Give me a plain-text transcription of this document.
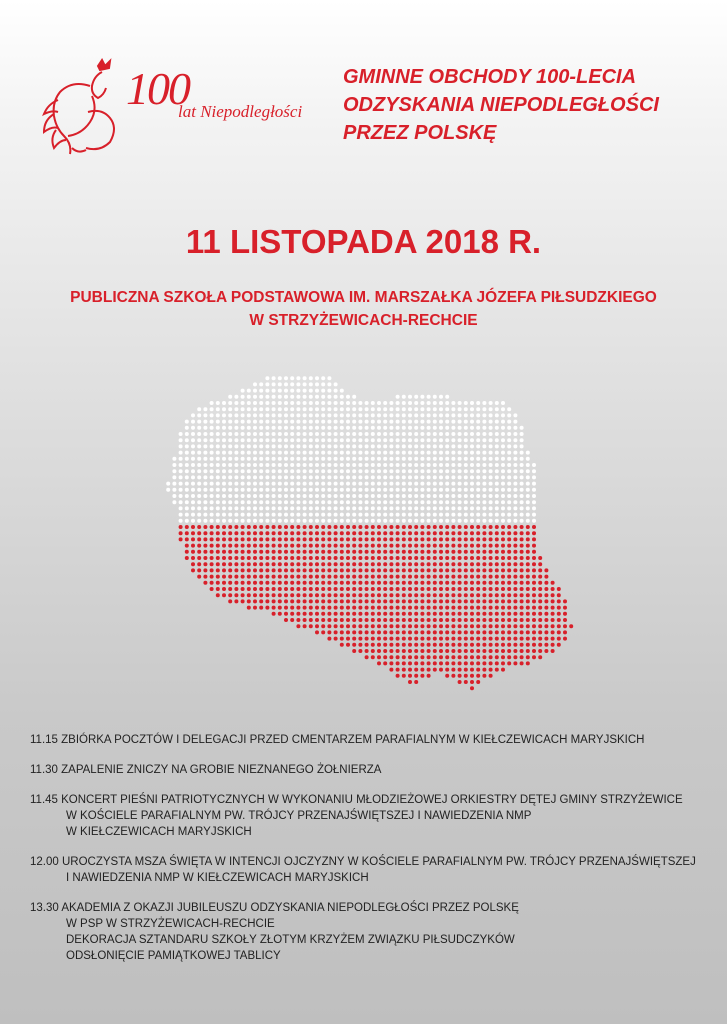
100
lat Niepodległości
GMINNE OBCHODY 100-LECIA
ODZYSKANIA NIEPODLEGŁOŚCI
PRZEZ POLSKĘ
11 LISTOPADA 2018 R.
PUBLICZNA SZKOŁA PODSTAWOWA IM. MARSZAŁKA JÓZEFA PIŁSUDZKIEGO
W STRZYŻEWICACH-RECHCIE
11.15 ZBIÓRKA POCZTÓW I DELEGACJI PRZED CMENTARZEM PARAFIALNYM W KIEŁCZEWICACH MARYJSKICH
11.30 ZAPALENIE ZNICZY NA GROBIE NIEZNANEGO ŻOŁNIERZA
11.45 KONCERT PIEŚNI PATRIOTYCZNYCH W WYKONANIU MŁODZIEŻOWEJ ORKIESTRY DĘTEJ GMINY STRZYŻEWICE
W KOŚCIELE PARAFIALNYM PW. TRÓJCY PRZENAJŚWIĘTSZEJ I NAWIEDZENIA NMP
W KIEŁCZEWICACH MARYJSKICH
12.00 UROCZYSTA MSZA ŚWIĘTA W INTENCJI OJCZYZNY W KOŚCIELE PARAFIALNYM PW. TRÓJCY PRZENAJŚWIĘTSZEJ
I NAWIEDZENIA NMP W KIEŁCZEWICACH MARYJSKICH
13.30 AKADEMIA Z OKAZJI JUBILEUSZU ODZYSKANIA NIEPODLEGŁOŚCI PRZEZ POLSKĘ
W PSP W STRZYŻEWICACH-RECHCIE
DEKORACJA SZTANDARU SZKOŁY ZŁOTYM KRZYŻEM ZWIĄZKU PIŁSUDCZYKÓW
ODSŁONIĘCIE PAMIĄTKOWEJ TABLICY
